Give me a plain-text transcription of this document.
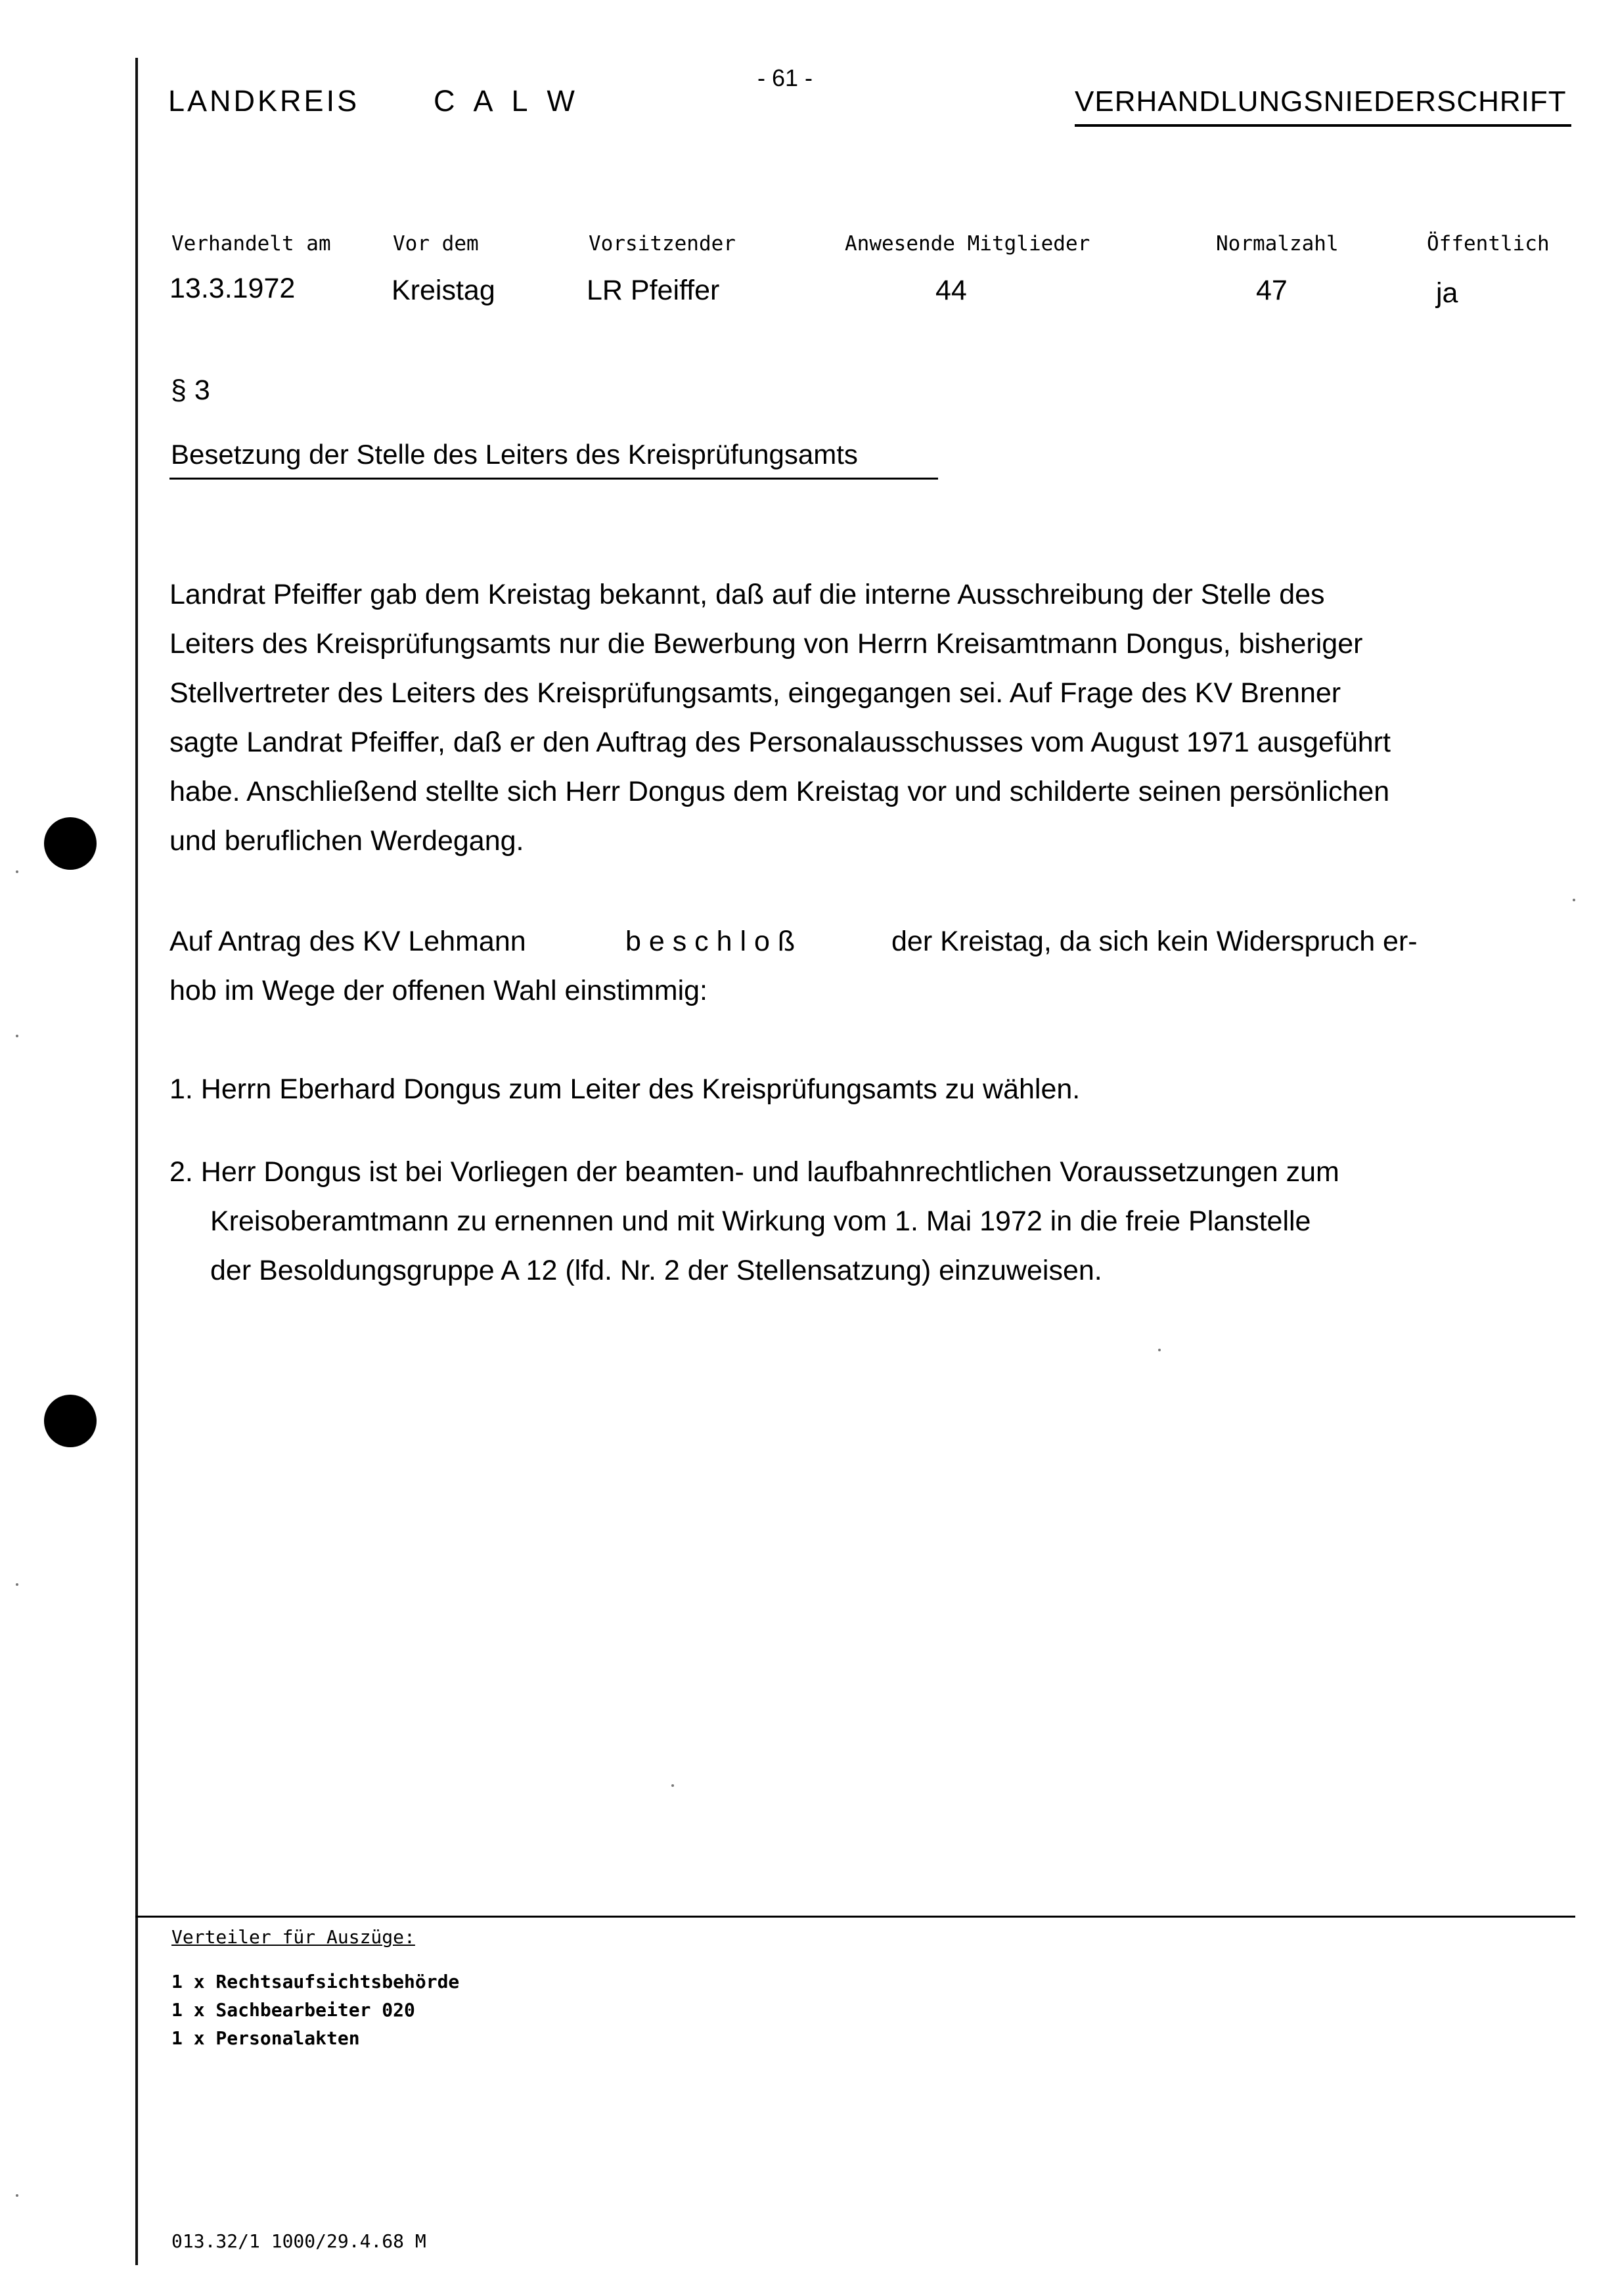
LANDKREIS	C A L W
- 61 -
VERHANDLUNGSNIEDERSCHRIFT
Verhandelt am	Vor dem	Vorsitzender	Anwesende Mitglieder	Normalzahl	Öffentlich
13.3.1972	Kreistag	LR Pfeiffer	44	47	ja
§ 3
Besetzung der Stelle des Leiters des Kreisprüfungsamts
Landrat Pfeiffer gab dem Kreistag bekannt, daß auf die interne Ausschreibung der Stelle des
Leiters des Kreisprüfungsamts nur die Bewerbung von Herrn Kreisamtmann Dongus, bisheriger
Stellvertreter des Leiters des Kreisprüfungsamts, eingegangen sei. Auf Frage des KV Brenner
sagte Landrat Pfeiffer, daß er den Auftrag des Personalausschusses vom August 1971 ausgeführt
habe. Anschließend stellte sich Herr Dongus dem Kreistag vor und schilderte seinen persönlichen
und beruflichen Werdegang.
Auf Antrag des KV Lehmann	b e s c h l o ß	der Kreistag, da sich kein Widerspruch er-
hob im Wege der offenen Wahl einstimmig:
1. Herrn Eberhard Dongus zum Leiter des Kreisprüfungsamts zu wählen.
2. Herr Dongus ist bei Vorliegen der beamten- und laufbahnrechtlichen Voraussetzungen zum
Kreisoberamtmann zu ernennen und mit Wirkung vom 1. Mai 1972 in die freie Planstelle
der Besoldungsgruppe A 12 (lfd. Nr. 2 der Stellensatzung) einzuweisen.
Verteiler für Auszüge:
1 x Rechtsaufsichtsbehörde
1 x Sachbearbeiter 020
1 x Personalakten
013.32/1 1000/29.4.68 M
